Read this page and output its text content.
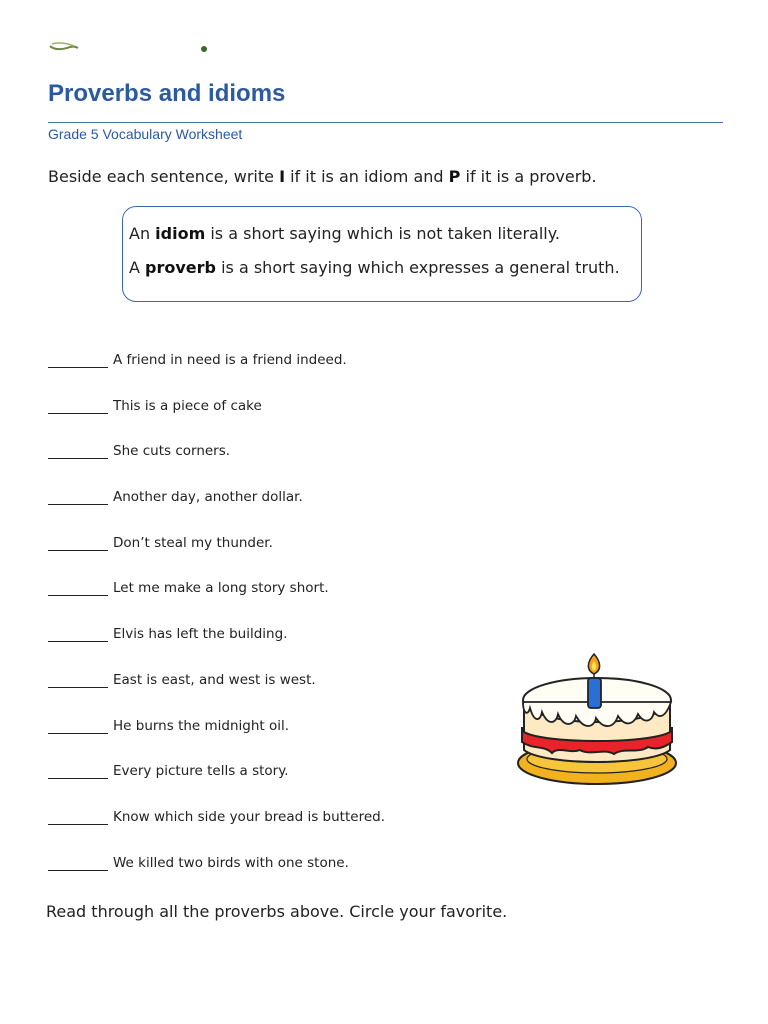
Proverbs and idioms
Grade 5 Vocabulary Worksheet
Beside each sentence, write I if it is an idiom and P if it is a proverb.
An idiom is a short saying which is not taken literally.
A proverb is a short saying which expresses a general truth.
A friend in need is a friend indeed.
This is a piece of cake
She cuts corners.
Another day, another dollar.
Don’t steal my thunder.
Let me make a long story short.
Elvis has left the building.
East is east, and west is west.
He burns the midnight oil.
Every picture tells a story.
Know which side your bread is buttered.
We killed two birds with one stone.
Read through all the proverbs above. Circle your favorite.
